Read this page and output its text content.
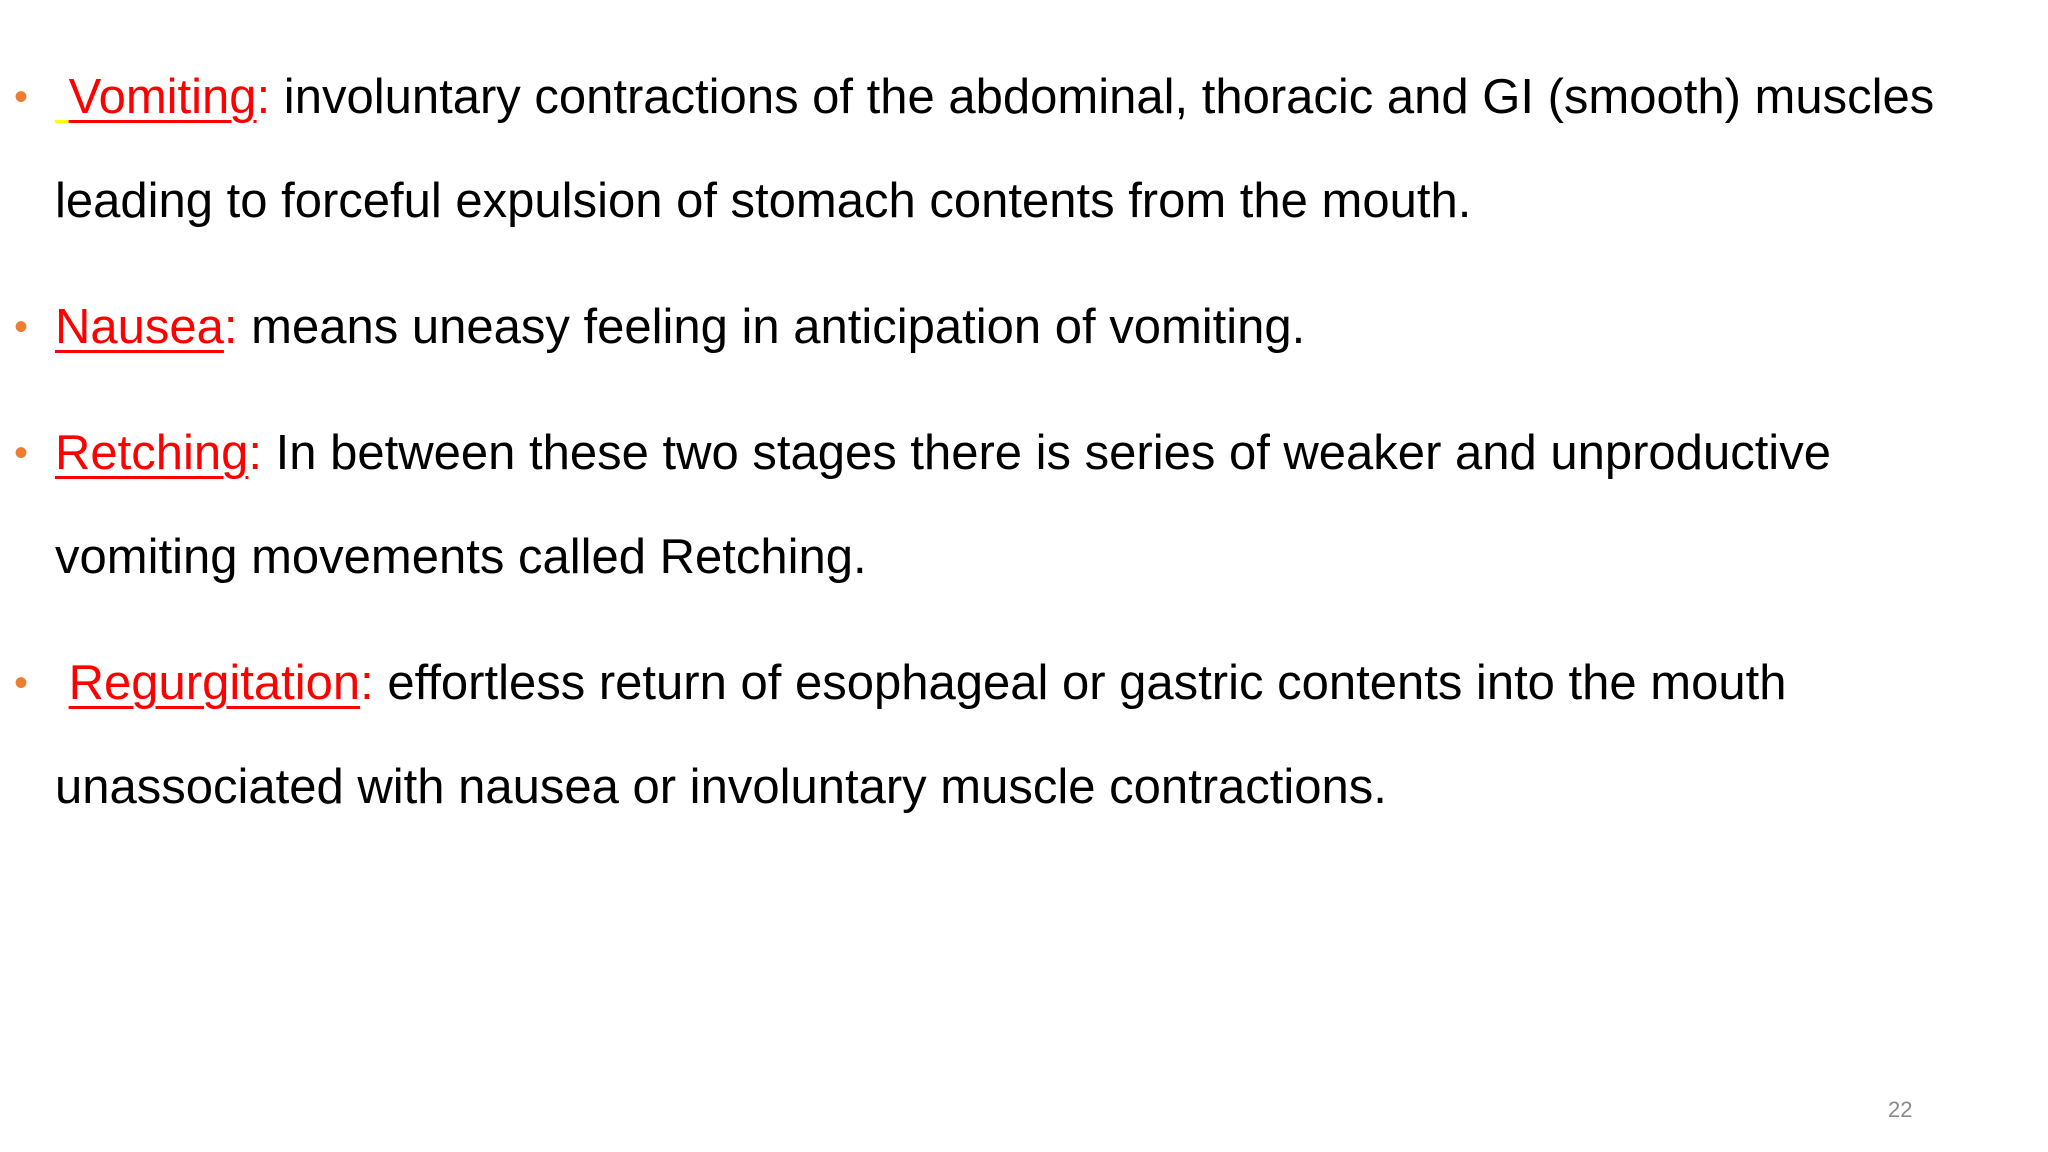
• Vomiting: involuntary contractions of the abdominal, thoracic and GI (smooth) muscles leading to forceful expulsion of stomach contents from the mouth.
• Nausea: means uneasy feeling in anticipation of vomiting.
• Retching: In between these two stages there is series of weaker and unproductive vomiting movements called Retching.
• Regurgitation: effortless return of esophageal or gastric contents into the mouth unassociated with nausea or involuntary muscle contractions.
22
